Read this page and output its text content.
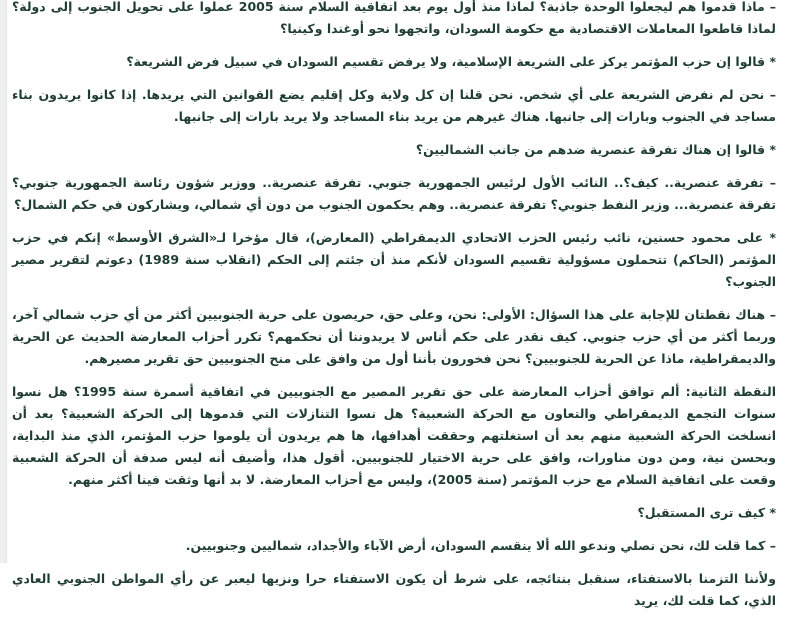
– ماذا قدموا هم ليجعلوا الوحدة جاذبة؟ لماذا منذ أول يوم بعد اتفاقية السلام سنة 2005 عملوا على تحويل الجنوب إلى دولة؟ لماذا قاطعوا المعاملات الاقتصادية مع حكومة السودان، واتجهوا نحو أوغندا وكينيا؟

* قالوا إن حزب المؤتمر يركز على الشريعة الإسلامية، ولا يرفض تقسيم السودان في سبيل فرض الشريعة؟

– نحن لم نفرض الشريعة على أي شخص. نحن قلنا إن كل ولاية وكل إقليم يضع القوانين التي يريدها. إذا كانوا يريدون بناء مساجد في الجنوب وبارات إلى جانبها. هناك غيرهم من يريد بناء المساجد ولا يريد بارات إلى جانبها.

* قالوا إن هناك تفرقة عنصرية ضدهم من جانب الشماليين؟

– تفرقة عنصرية.. كيف؟.. النائب الأول لرئيس الجمهورية جنوبي. تفرقة عنصرية.. ووزير شؤون رئاسة الجمهورية جنوبي؟ تفرقة عنصرية... وزير النفط جنوبي؟ تفرقة عنصرية.. وهم يحكمون الجنوب من دون أي شمالي، ويشاركون في حكم الشمال؟

* على محمود حسنين، نائب رئيس الحزب الاتحادي الديمقراطي (المعارض)، قال مؤخرا لـ«الشرق الأوسط» إنكم في حزب المؤتمر (الحاكم) تتحملون مسؤولية تقسيم السودان لأنكم منذ أن جئتم إلى الحكم (انقلاب سنة 1989) دعوتم لتقرير مصير الجنوب؟

– هناك نقطتان للإجابة على هذا السؤال: الأولى: نحن، وعلى حق، حريصون على حرية الجنوبيين أكثر من أي حزب شمالي آخر، وربما أكثر من أي حزب جنوبي. كيف نقدر على حكم أناس لا يريدوننا أن نحكمهم؟ تكرر أحزاب المعارضة الحديث عن الحرية والديمقراطية، ماذا عن الحرية للجنوبيين؟ نحن فخورون بأننا أول من وافق على منح الجنوبيين حق تقرير مصيرهم.

النقطة الثانية: ألم توافق أحزاب المعارضة على حق تقرير المصير مع الجنوبيين في اتفاقية أسمرة سنة 1995؟ هل نسوا سنوات التجمع الديمقراطي والتعاون مع الحركة الشعبية؟ هل نسوا التنازلات التي قدموها إلى الحركة الشعبية؟ بعد أن انسلخت الحركة الشعبية منهم بعد أن استغلتهم وحققت أهدافها، ها هم يريدون أن يلوموا حزب المؤتمر، الذي منذ البداية، وبحسن نية، ومن دون مناورات، وافق على حرية الاختيار للجنوبيين. أقول هذا، وأضيف أنه ليس صدفة أن الحركة الشعبية وقعت على اتفاقية السلام مع حزب المؤتمر (سنة 2005)، وليس مع أحزاب المعارضة. لا بد أنها وثقت فينا أكثر منهم.

* كيف ترى المستقبل؟

– كما قلت لك، نحن نصلي وندعو الله ألا ينقسم السودان، أرض الآباء والأجداد، شماليين وجنوبيين.

ولأننا التزمنا بالاستفتاء، سنقبل بنتائجه، على شرط أن يكون الاستفتاء حرا ونزيها ليعبر عن رأي المواطن الجنوبي العادي الذي، كما قلت لك، يريد
